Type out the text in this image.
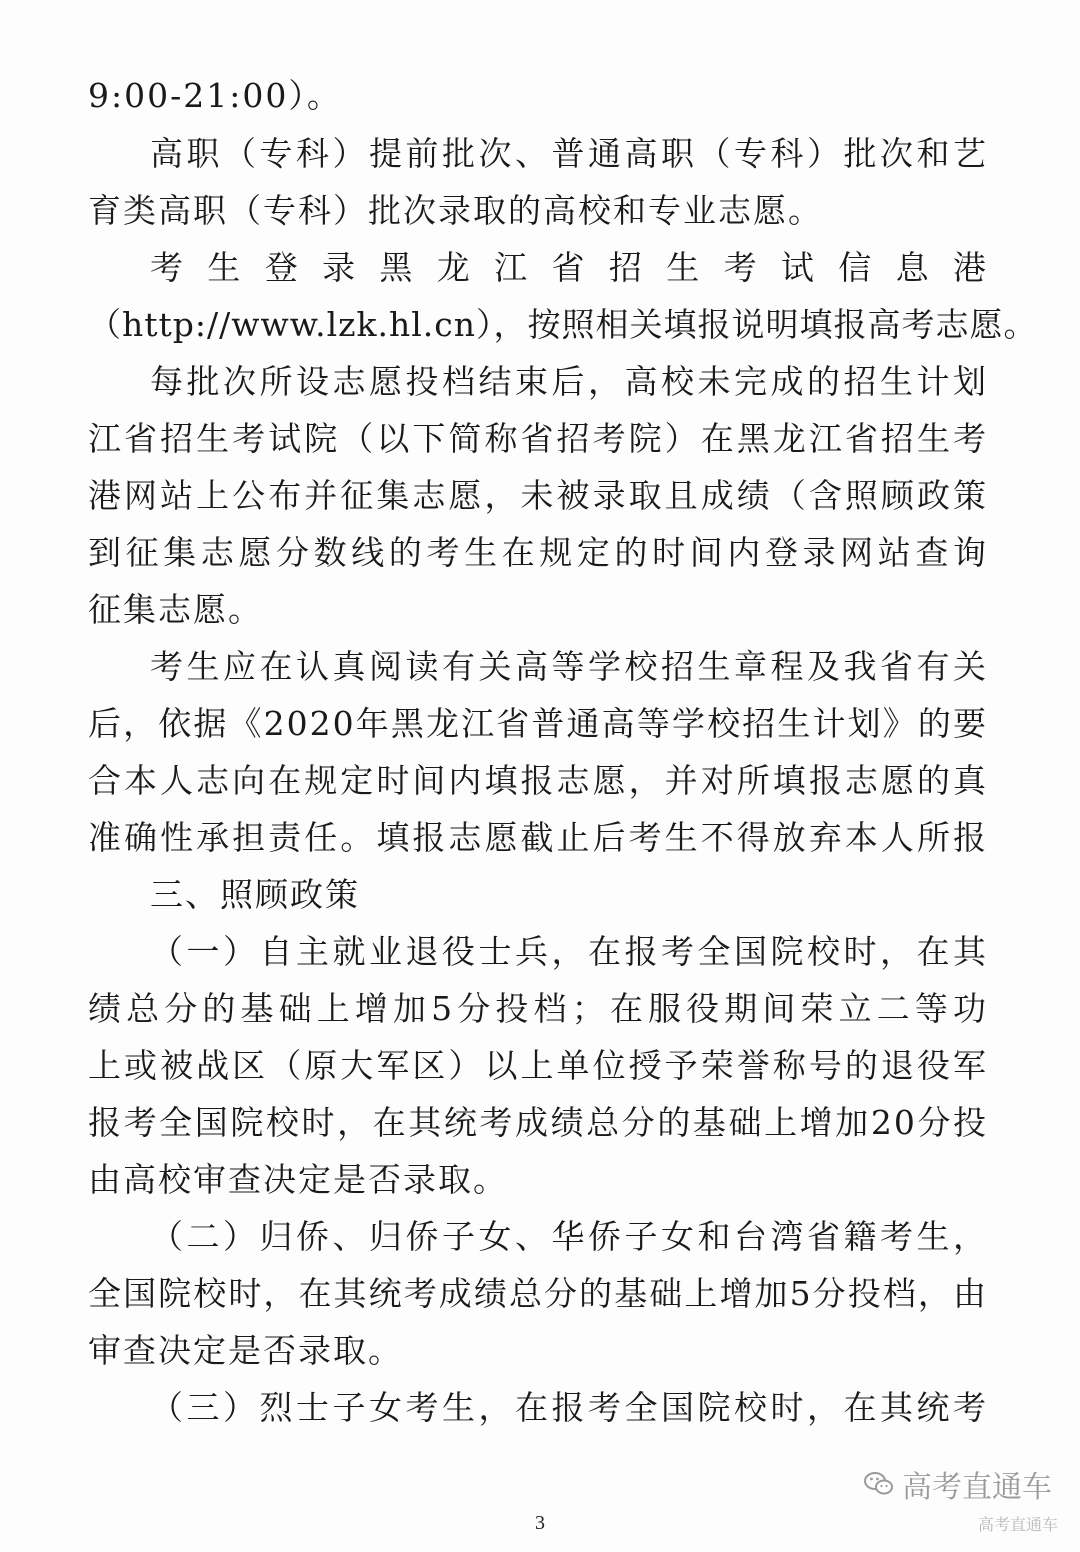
9:00-21:00）。
高职（专科）提前批次、普通高职（专科）批次和艺
育类高职（专科）批次录取的高校和专业志愿。
考生登录黑龙江省招生考试信息港
（http://www.lzk.hl.cn），按照相关填报说明填报高考志愿。
每批次所设志愿投档结束后，高校未完成的招生计划
江省招生考试院（以下简称省招考院）在黑龙江省招生考
港网站上公布并征集志愿，未被录取且成绩（含照顾政策
到征集志愿分数线的考生在规定的时间内登录网站查询
征集志愿。
考生应在认真阅读有关高等学校招生章程及我省有关
后，依据《2020年黑龙江省普通高等学校招生计划》的要
合本人志向在规定时间内填报志愿，并对所填报志愿的真
准确性承担责任。填报志愿截止后考生不得放弃本人所报
三、照顾政策
（一）自主就业退役士兵，在报考全国院校时，在其
绩总分的基础上增加5分投档；在服役期间荣立二等功
上或被战区（原大军区）以上单位授予荣誉称号的退役军
报考全国院校时，在其统考成绩总分的基础上增加20分投
由高校审查决定是否录取。
（二）归侨、归侨子女、华侨子女和台湾省籍考生，
全国院校时，在其统考成绩总分的基础上增加5分投档，由
审查决定是否录取。
（三）烈士子女考生，在报考全国院校时，在其统考
高考直通车
高考直通车
3
